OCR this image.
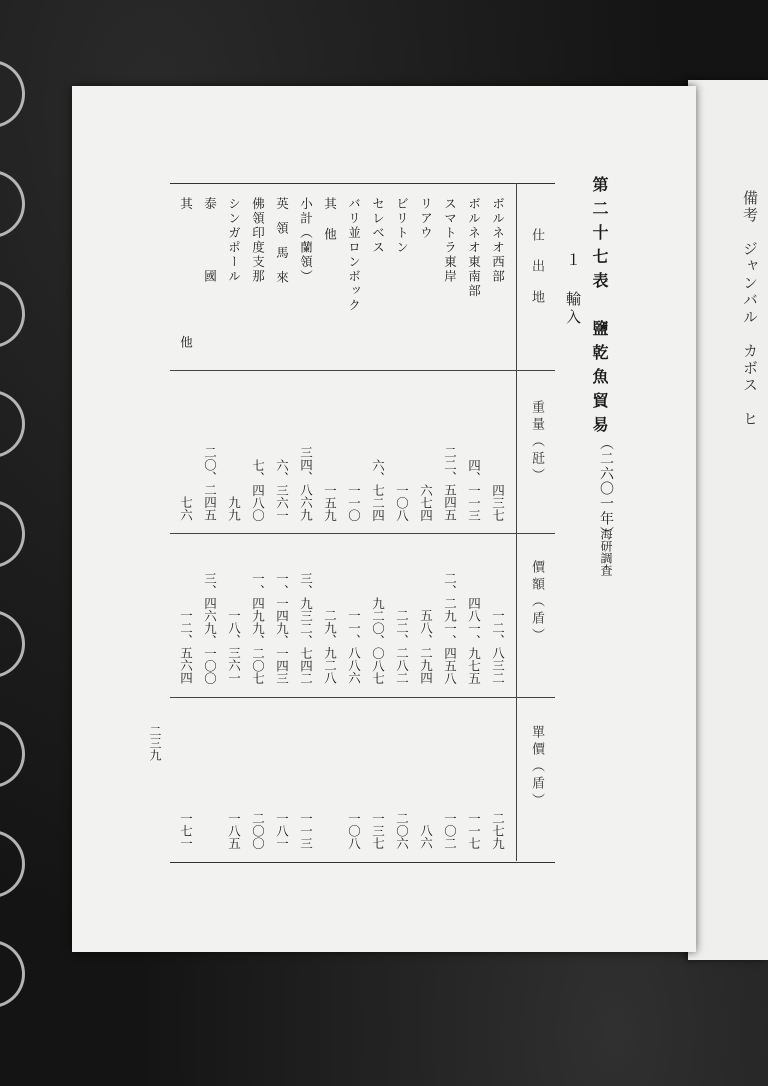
備考　ジャンバル　カボス　ヒ
第二十七表　鹽乾魚貿易
（二六〇一年）
海研調査
１ 輸入
仕出地
重量（瓩）
價額（盾）
單價（盾）
ボルネオ西部
四三七
一二、八三二
二七九
ボルネオ東南部
四、一一三
四八一、九七五
一一七
スマトラ東岸
二二、五四五
二、二九一、四五八
一〇二
リアウ
六七四
五八、二九四
八六
ビリトン
一〇八
二二、二八二
二〇六
セレベス
六、七二四
九二〇、〇八七
一三七
バリ並ロンボック
一一〇
一一、八八六
一〇八
其他
一五九
二九、九二八
小計（蘭領）
三四、八六九
三、九三二、七四二
一一三
英領馬來
六、三六一
一、一四九、一四三
一八一
佛領印度支那
七、四八〇
一、四九九、二〇七
二〇〇
シンガポール
九九
一八、三六一
一八五
泰國
二〇、二四五
三、四六九、一〇〇
其他
七六
一二、五六四
一七一
二三九
